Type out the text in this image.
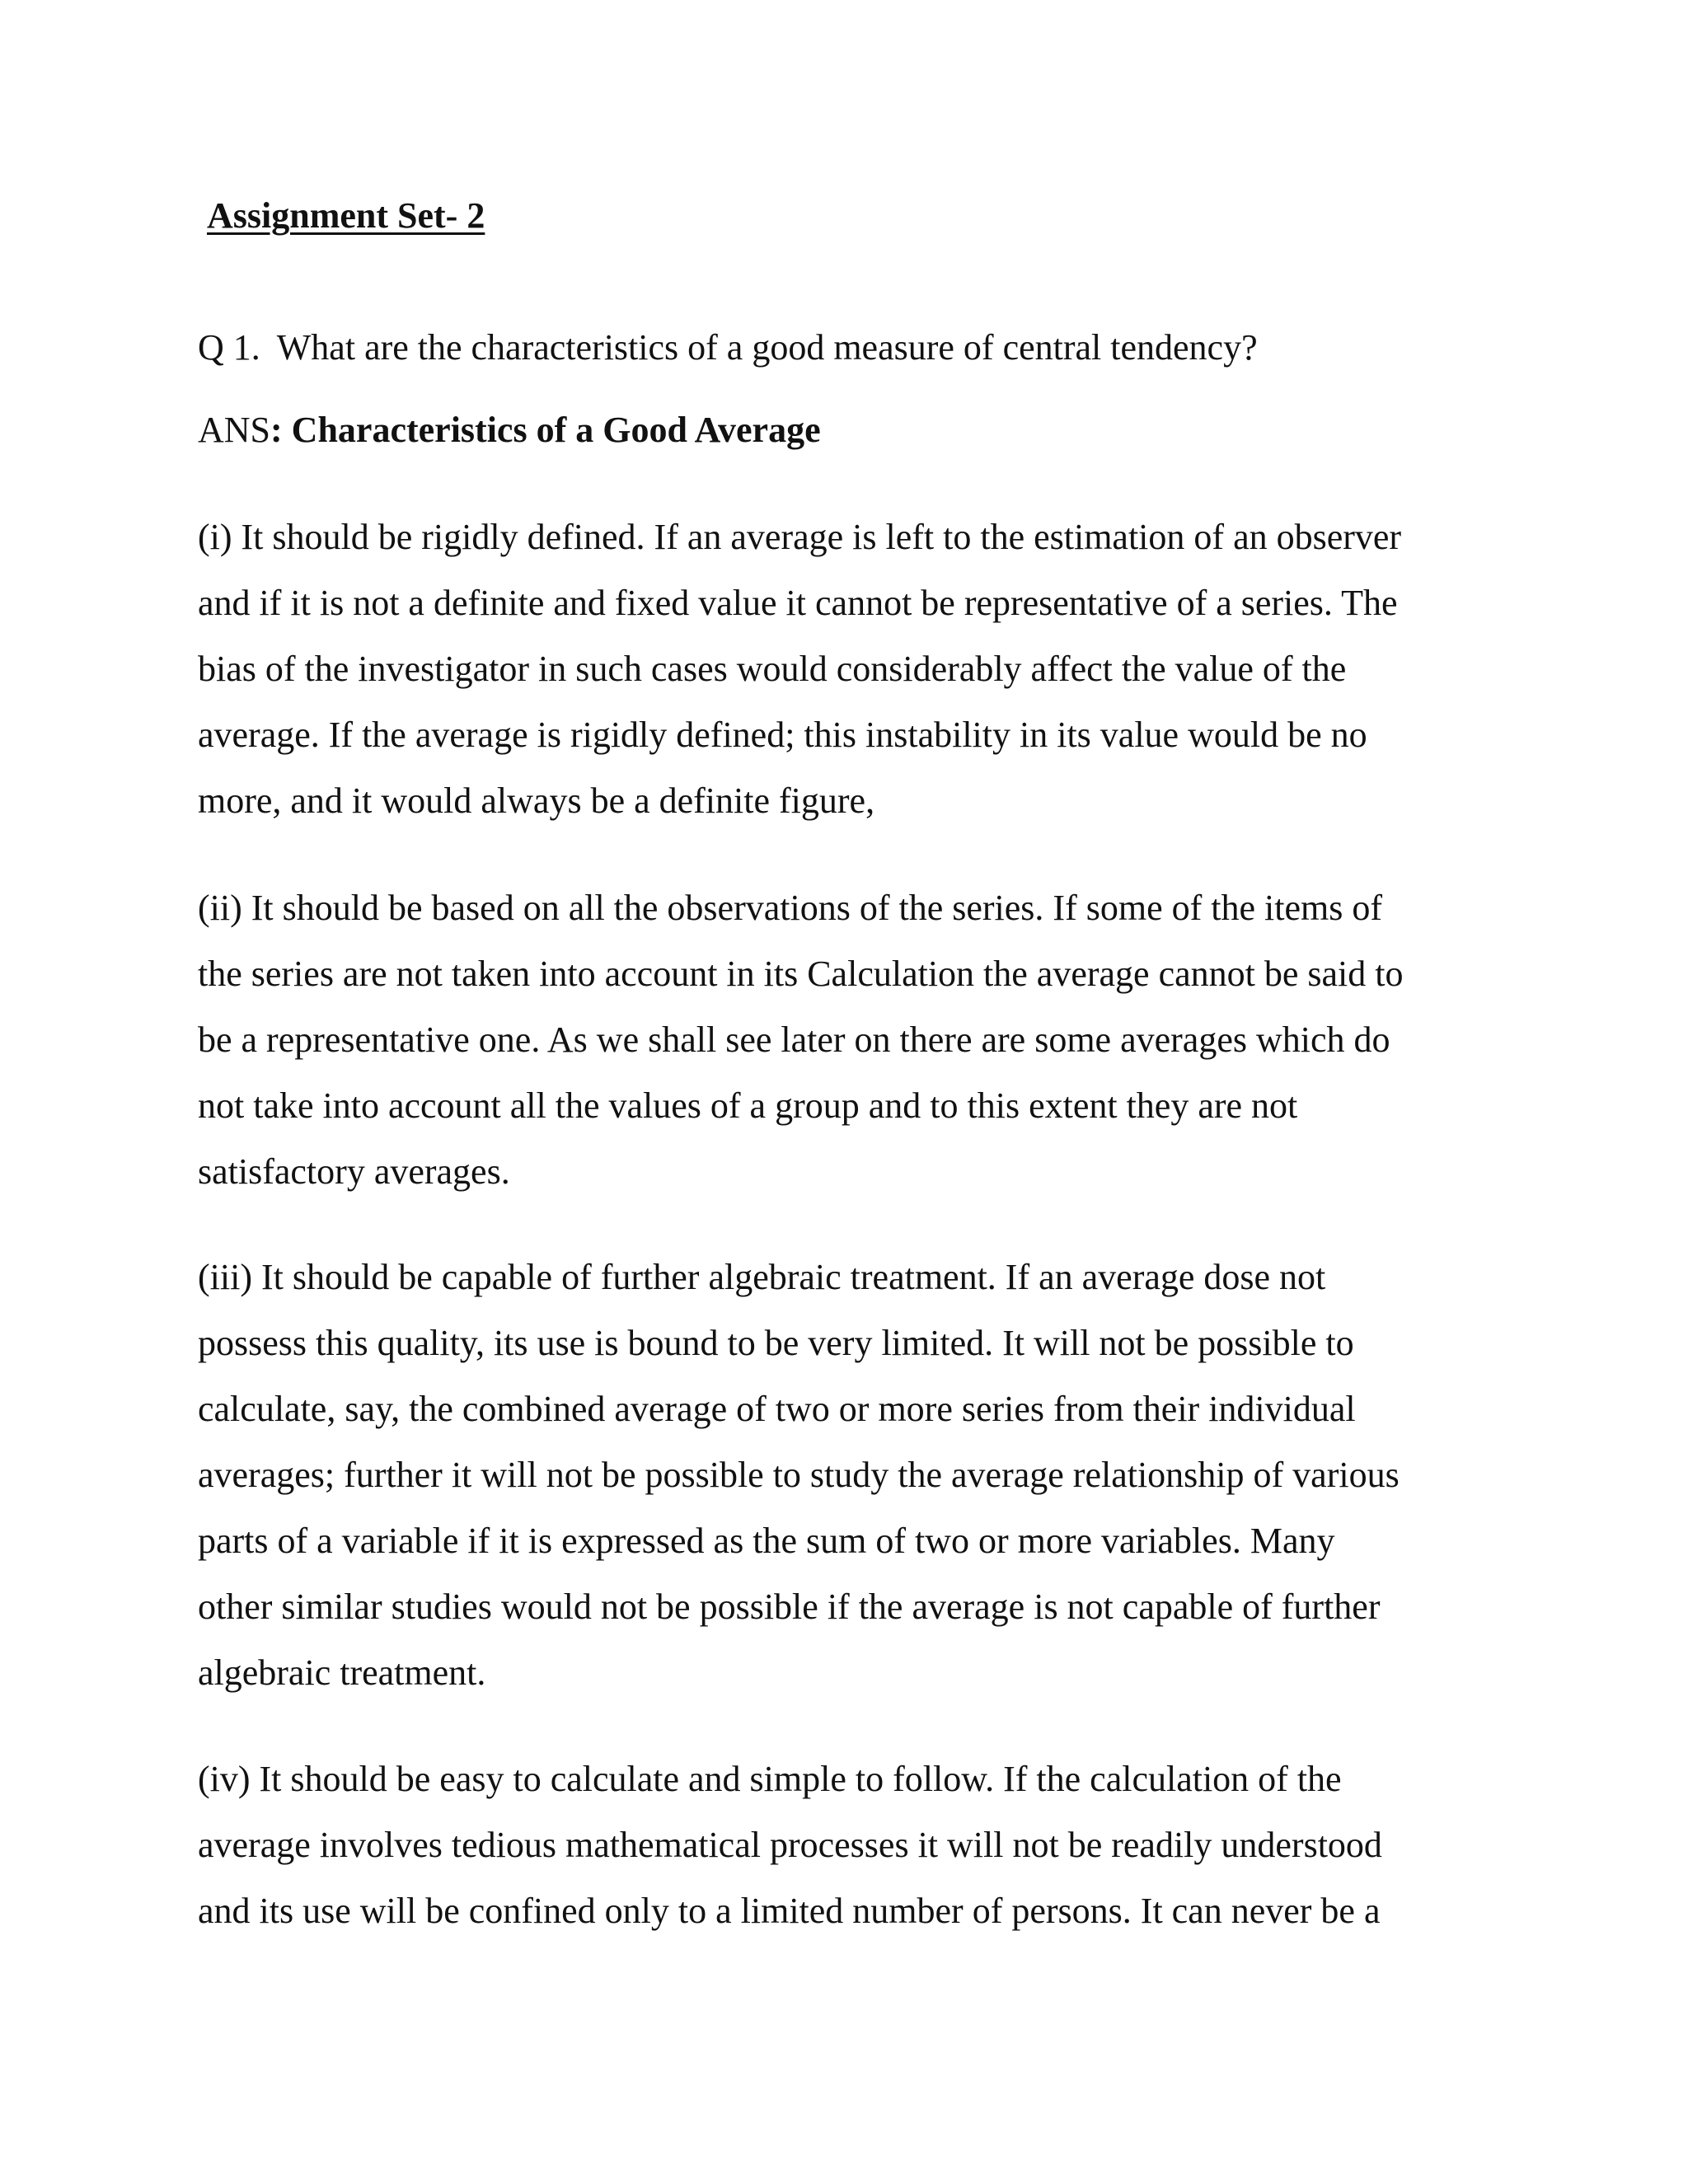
Assignment Set- 2
Q 1. What are the characteristics of a good measure of central tendency?
ANS: Characteristics of a Good Average

(i) It should be rigidly defined. If an average is left to the estimation of an observer
and if it is not a definite and fixed value it cannot be representative of a series. The
bias of the investigator in such cases would considerably affect the value of the
average. If the average is rigidly defined; this instability in its value would be no
more, and it would always be a definite figure,

(ii) It should be based on all the observations of the series. If some of the items of
the series are not taken into account in its Calculation the average cannot be said to
be a representative one. As we shall see later on there are some averages which do
not take into account all the values of a group and to this extent they are not
satisfactory averages.

(iii) It should be capable of further algebraic treatment. If an average dose not
possess this quality, its use is bound to be very limited. It will not be possible to
calculate, say, the combined average of two or more series from their individual
averages; further it will not be possible to study the average relationship of various
parts of a variable if it is expressed as the sum of two or more variables. Many
other similar studies would not be possible if the average is not capable of further
algebraic treatment.

(iv) It should be easy to calculate and simple to follow. If the calculation of the
average involves tedious mathematical processes it will not be readily understood
and its use will be confined only to a limited number of persons. It can never be a
